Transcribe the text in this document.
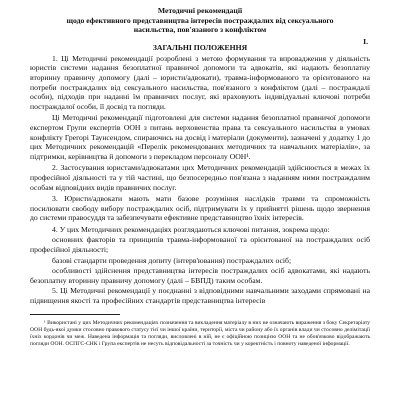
Методичні рекомендації
щодо ефективного представництва інтересів постраждалих від сексуального
насильства, пов'язаного з конфліктом
I.
ЗАГАЛЬНІ ПОЛОЖЕННЯ

1. Ці Методичні рекомендації розроблені з метою формування та впровадження у діяльність юристів системи надання безоплатної правничої допомоги та адвокатів, які надають безоплатну вторинну правничу допомогу (далі – юристи/адвокати), травма-інформованого та орієнтованого на потреби постраждалих від сексуального насильства, пов'язаного з конфліктом (далі – постраждалі особи), підходів при наданні їм правничих послуг, які враховують індивідуальні ключові потреби постраждалої особи, її досвід та погляди.

Ці Методичні рекомендації підготовлені для системи надання безоплатної правничої допомоги експертом Групи експертів ООН з питань верховенства права та сексуального насильства в умовах конфлікту Грегорі Таунсендом, спираючись на досвід і матеріали (документи), зазначені у додатку 1 до цих Методичних рекомендацій «Перелік рекомендованих методичних та навчальних матеріалів», за підтримки, керівництва й допомоги з перекладом персоналу ООН¹.

2. Застосування юристами/адвокатами цих Методичних рекомендацій здійснюється в межах їх професійної діяльності та у тій частині, що безпосередньо пов'язана з наданням ними постраждалим особам відповідних видів правничих послуг.

3. Юристи/адвокати мають мати базове розуміння наслідків травми та спроможність посилювати свободу вибору постраждалих осіб, підтримувати їх у прийнятті рішень щодо звернення до системи правосуддя та забезпечувати ефективне представництво їхніх інтересів.

4. У цих Методичних рекомендаціях розглядаються ключові питання, зокрема щодо:

основних факторів та принципів травма-інформованої та орієнтованої на постраждалих осіб професійної діяльності;

базові стандарти проведення допиту (інтерв'ювання) постраждалих осіб;

особливості здійснення представництва інтересів постраждалих осіб адвокатами, які надають безоплатну вторинну правничу допомогу (далі – БВПД) таким особам.

5. Ці Методичні рекомендації у поєднанні з відповідними навчальними заходами спрямовані на підвищення якості та професійних стандартів представництва інтересів

¹ Використані у цих Методичних рекомендаціях позначення та викладення матеріалу в них не означають вираження з боку Секретаріату ООН будь-якої думки стосовно правового статусу тієї чи іншої країни, території, міста чи району або їх органів влади чи стосовно делімітації їхніх кордонів чи меж. Наведена інформація та погляди, висловлені в ній, не є офіційною позицією ООН та не обов'язково відображають погляди ООН. ОСПГС-СНК і Група експертів не несуть відповідальності за точність чи у коректність і повноту наведеної інформації.
